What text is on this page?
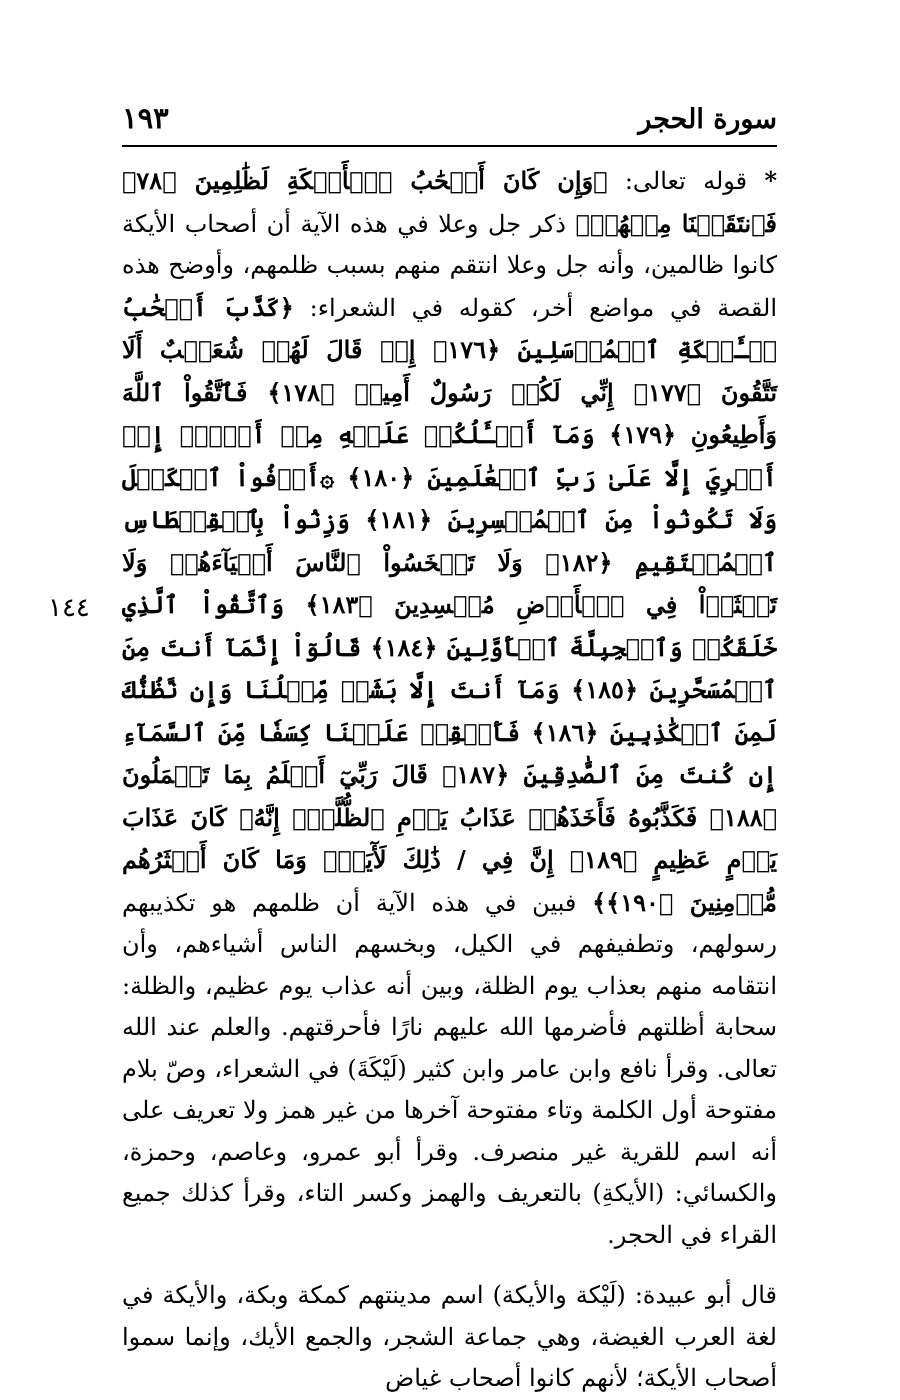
سورة الحجر
١٩٣
١٤٤

* قوله تعالى: ﴿وَإِن كَانَ أَصۡحَٰبُ ٱلۡأَيۡكَةِ لَظَٰلِمِينَ ﴿٧٨﴾ فَٱنتَقَمۡنَا مِنۡهُمۡ﴾ ذكر جل وعلا في هذه الآية أن أصحاب الأيكة كانوا ظالمين، وأنه جل وعلا انتقم منهم بسبب ظلمهم، وأوضح هذه القصة في مواضع أخر، كقوله في الشعراء: ﴿كَذَّبَ أَصۡحَٰبُ لۡـَٔيۡكَةِ ٱلۡمُرۡسَلِينَ ﴿١٧٦﴾ إِذۡ قَالَ لَهُمۡ شُعَيۡبٌ أَلَا تَتَّقُونَ ﴿١٧٧﴾ إِنِّي لَكُمۡ رَسُولٌ أَمِينٞ ﴿١٧٨﴾ فَٱتَّقُواْ ٱللَّهَ وَأَطِيعُونِ ﴿١٧٩﴾ وَمَآ أَسۡـَٔلُكُمۡ عَلَيۡهِ مِنۡ أَجۡرٍۖ إِنۡ أَجۡرِيَ إِلَّا عَلَىٰ رَبِّ ٱلۡعَٰلَمِينَ ﴿١٨٠﴾ ۞أَوۡفُواْ ٱلۡكَيۡلَ وَلَا تَكُونُواْ مِنَ ٱلۡمُخۡسِرِينَ ﴿١٨١﴾ وَزِنُواْ بِٱلۡقِسۡطَاسِ ٱلۡمُسۡتَقِيمِ ﴿١٨٢﴾ وَلَا تَبۡخَسُواْ ٱلنَّاسَ أَشۡيَآءَهُمۡ وَلَا تَعۡثَوۡاْ فِي ٱلۡأَرۡضِ مُفۡسِدِينَ ﴿١٨٣﴾ وَٱتَّقُواْ ٱلَّذِي خَلَقَكُمۡ وَٱلۡجِبِلَّةَ ٱلۡأَوَّلِينَ ﴿١٨٤﴾ قَالُوٓاْ إِنَّمَآ أَنتَ مِنَ ٱلۡمُسَحَّرِينَ ﴿١٨٥﴾ وَمَآ أَنتَ إِلَّا بَشَرٞ مِّثۡلُنَا وَإِن نَّظُنُّكَ لَمِنَ ٱلۡكَٰذِبِينَ ﴿١٨٦﴾ فَأَسۡقِطۡ عَلَيۡنَا كِسَفٗا مِّنَ ٱلسَّمَآءِ إِن كُنتَ مِنَ ٱلصَّٰدِقِينَ ﴿١٨٧﴾ قَالَ رَبِّيٓ أَعۡلَمُ بِمَا تَعۡمَلُونَ ﴿١٨٨﴾ فَكَذَّبُوهُ فَأَخَذَهُمۡ عَذَابُ يَوۡمِ ٱلظُّلَّةِۚ إِنَّهُۥ كَانَ عَذَابَ يَوۡمٍ عَظِيمٍ ﴿١٨٩﴾ إِنَّ فِي / ذَٰلِكَ لَأٓيَةٗۖ وَمَا كَانَ أَكۡثَرُهُم مُّؤۡمِنِينَ ﴿١٩٠﴾﴾ فبين في هذه الآية أن ظلمهم هو تكذيبهم رسولهم، وتطفيفهم في الكيل، وبخسهم الناس أشياءهم، وأن انتقامه منهم بعذاب يوم الظلة، وبين أنه عذاب يوم عظيم، والظلة: سحابة أظلتهم فأضرمها الله عليهم نارًا فأحرقتهم. والعلم عند الله تعالى. وقرأ نافع وابن عامر وابن كثير (لَيْكَةَ) في الشعراء، وصّ بلام مفتوحة أول الكلمة وتاء مفتوحة آخرها من غير همز ولا تعريف على أنه اسم للقرية غير منصرف. وقرأ أبو عمرو، وعاصم، وحمزة، والكسائي: (الأيكةِ) بالتعريف والهمز وكسر التاء، وقرأ كذلك جميع القراء في الحجر.

قال أبو عبيدة: (لَيْكة والأيكة) اسم مدينتهم كمكة وبكة، والأيكة في لغة العرب الغيضة، وهي جماعة الشجر، والجمع الأيك، وإنما سموا أصحاب الأيكة؛ لأنهم كانوا أصحاب غياض
